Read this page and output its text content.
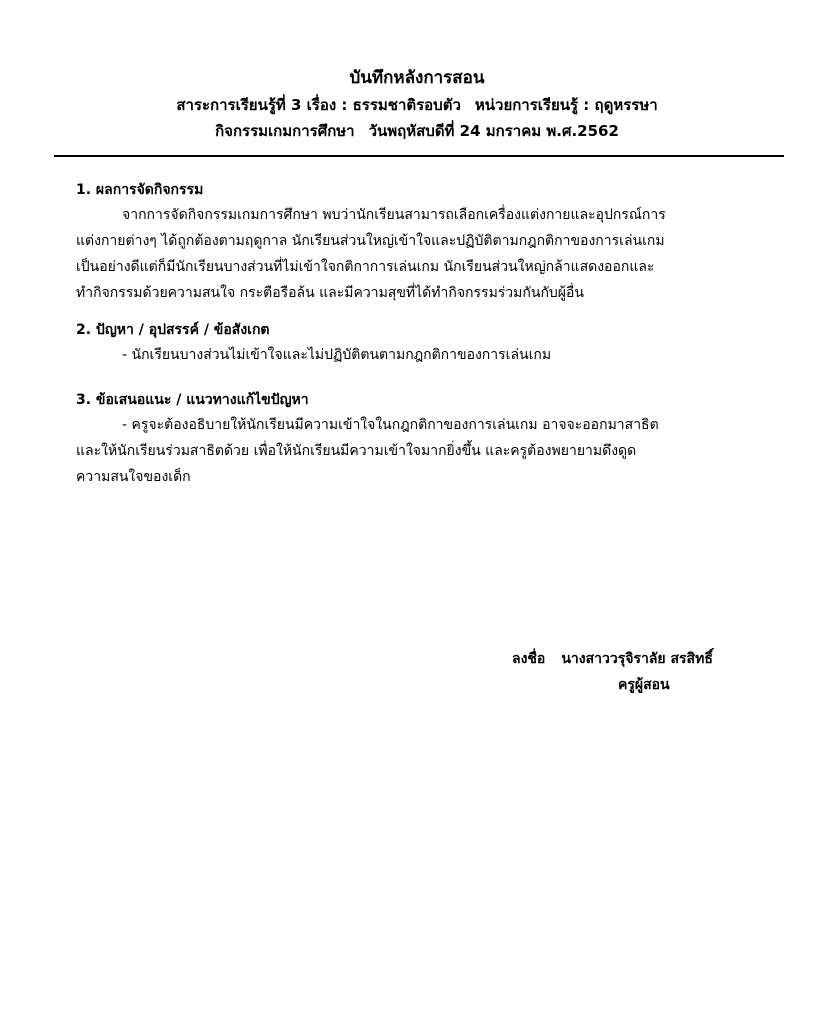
บันทึกหลังการสอน
สาระการเรียนรู้ที่ 3 เรื่อง : ธรรมชาติรอบตัว หน่วยการเรียนรู้ : ฤดูหรรษา
กิจกรรมเกมการศึกษา วันพฤหัสบดีที่ 24 มกราคม พ.ศ.2562
1. ผลการจัดกิจกรรม
จากการจัดกิจกรรมเกมการศึกษา พบว่านักเรียนสามารถเลือกเครื่องแต่งกายและอุปกรณ์การ
แต่งกายต่างๆ ได้ถูกต้องตามฤดูกาล นักเรียนส่วนใหญ่เข้าใจและปฏิบัติตามกฎกติกาของการเล่นเกม
เป็นอย่างดีแต่ก็มีนักเรียนบางส่วนที่ไม่เข้าใจกติกาการเล่นเกม นักเรียนส่วนใหญ่กล้าแสดงออกและ
ทำกิจกรรมด้วยความสนใจ กระตือรือล้น และมีความสุขที่ได้ทำกิจกรรมร่วมกันกับผู้อื่น
2. ปัญหา / อุปสรรค์ / ข้อสังเกต
- นักเรียนบางส่วนไม่เข้าใจและไม่ปฏิบัติตนตามกฎกติกาของการเล่นเกม
3. ข้อเสนอแนะ / แนวทางแก้ไขปัญหา
- ครูจะต้องอธิบายให้นักเรียนมีความเข้าใจในกฎกติกาของการเล่นเกม อาจจะออกมาสาธิต
และให้นักเรียนร่วมสาธิตด้วย เพื่อให้นักเรียนมีความเข้าใจมากยิ่งขึ้น และครูต้องพยายามดึงดูด
ความสนใจของเด็ก
ลงชื่อ นางสาววรุจิราลัย สรสิทธิ์
ครูผู้สอน
